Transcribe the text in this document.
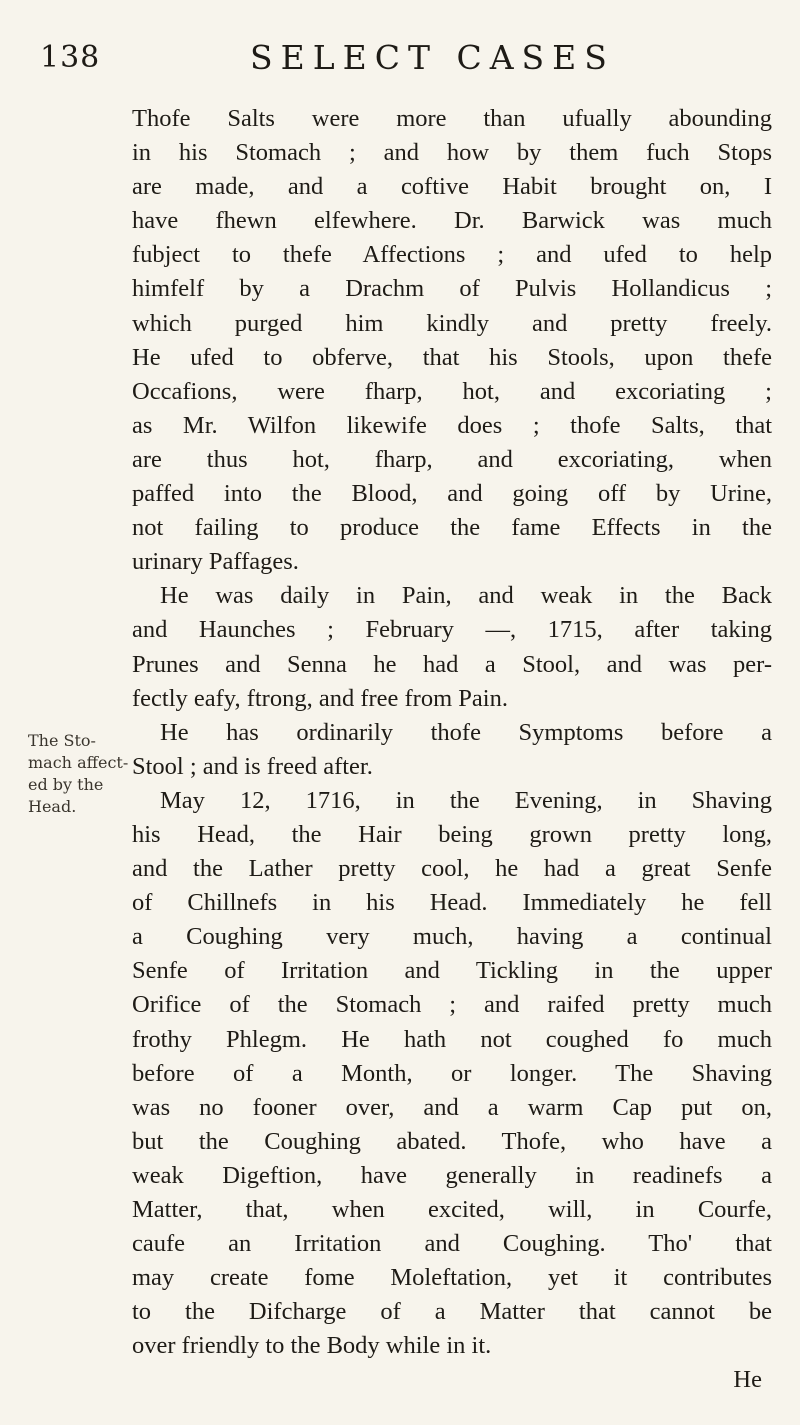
138	SELECT CASES
The Sto-
mach affect-
ed by the
Head.
Thofe Salts were more than ufually abounding
in his Stomach ; and how by them fuch Stops
are made, and a coftive Habit brought on, I
have fhewn elfewhere. Dr. Barwick was much
fubject to thefe Affections ; and ufed to help
himfelf by a Drachm of Pulvis Hollandicus ;
which purged him kindly and pretty freely.
He ufed to obferve, that his Stools, upon thefe
Occafions, were fharp, hot, and excoriating ;
as Mr. Wilfon likewife does ; thofe Salts, that
are thus hot, fharp, and excoriating, when
paffed into the Blood, and going off by Urine,
not failing to produce the fame Effects in the
urinary Paffages.
He was daily in Pain, and weak in the Back
and Haunches ; February —, 1715, after taking
Prunes and Senna he had a Stool, and was per-
fectly eafy, ftrong, and free from Pain.
He has ordinarily thofe Symptoms before a
Stool ; and is freed after.
May 12, 1716, in the Evening, in Shaving
his Head, the Hair being grown pretty long,
and the Lather pretty cool, he had a great Senfe
of Chillnefs in his Head. Immediately he fell
a Coughing very much, having a continual
Senfe of Irritation and Tickling in the upper
Orifice of the Stomach ; and raifed pretty much
frothy Phlegm. He hath not coughed fo much
before of a Month, or longer. The Shaving
was no fooner over, and a warm Cap put on,
but the Coughing abated. Thofe, who have a
weak Digeftion, have generally in readinefs a
Matter, that, when excited, will, in Courfe,
caufe an Irritation and Coughing. Tho' that
may create fome Moleftation, yet it contributes
to the Difcharge of a Matter that cannot be
over friendly to the Body while in it.
He
